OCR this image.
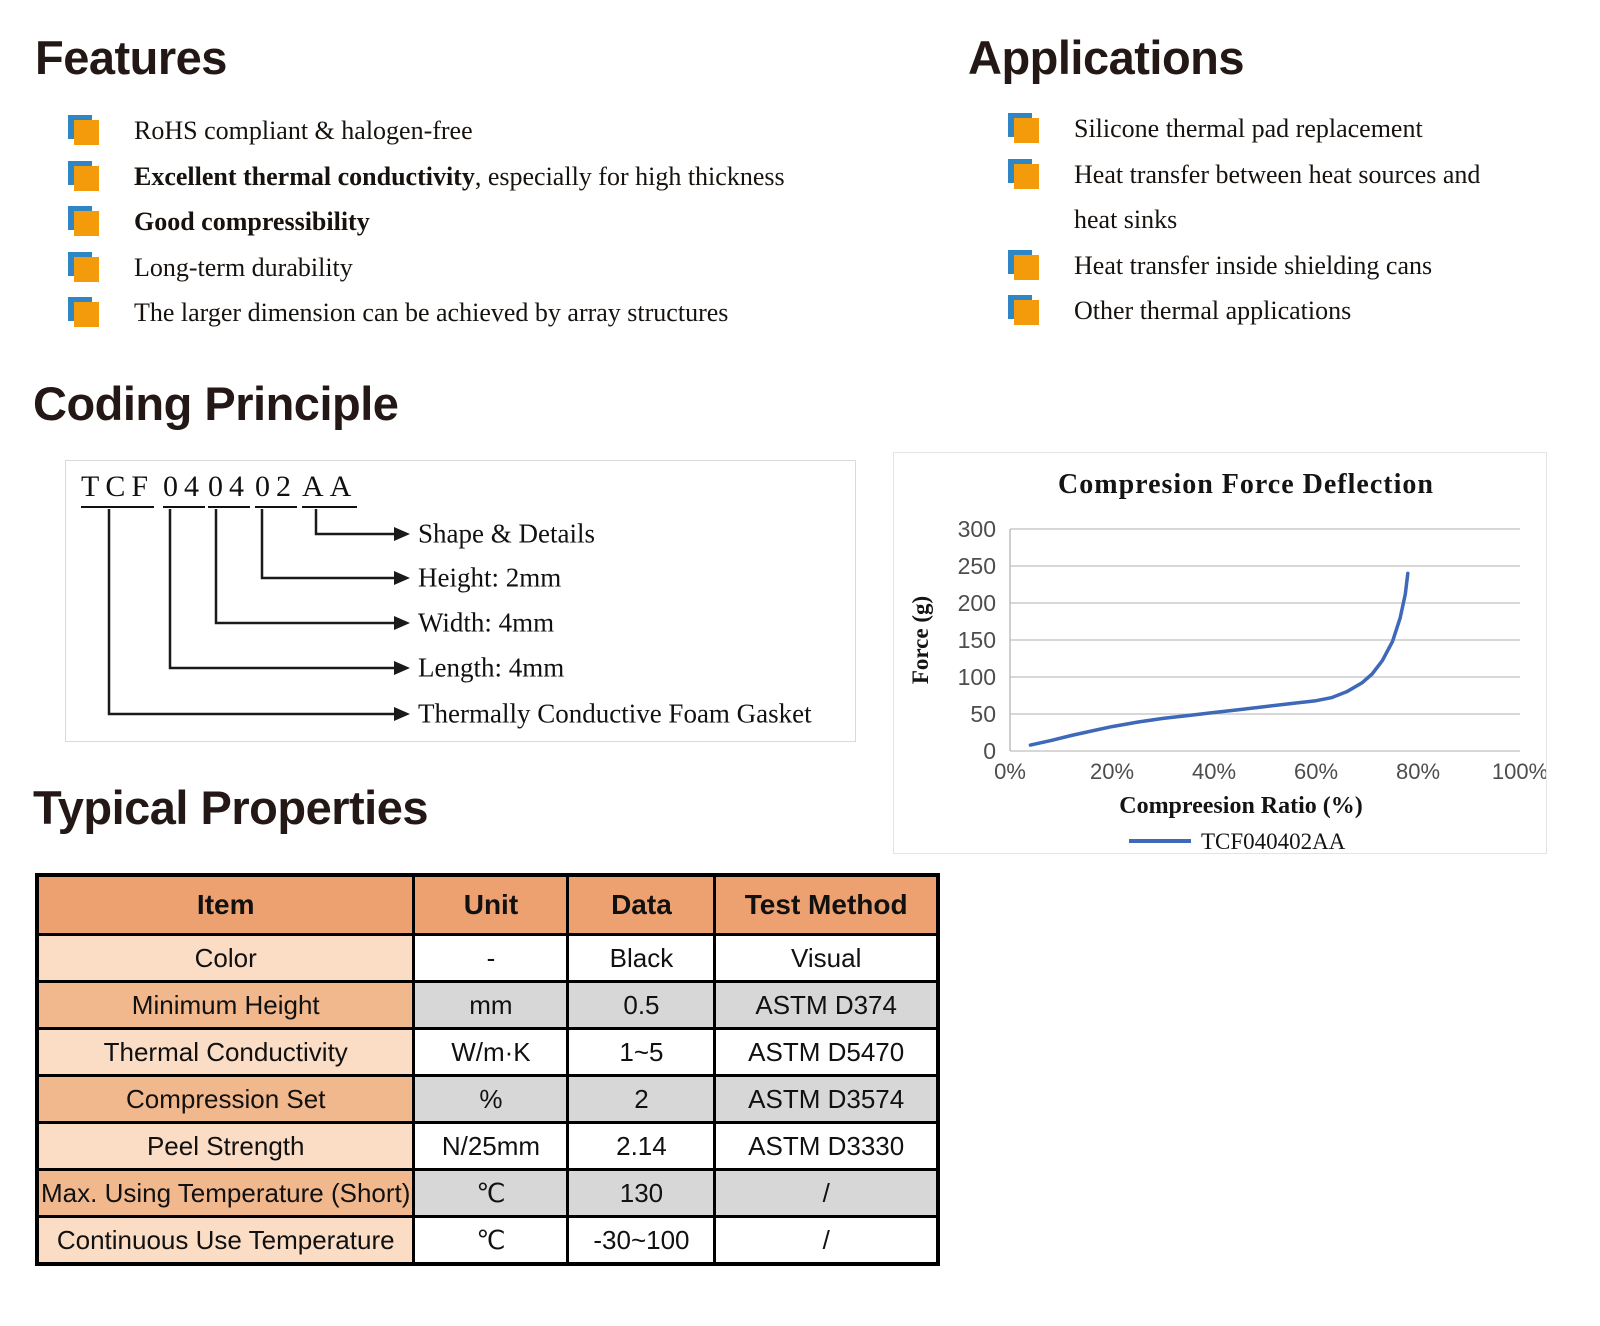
Features
RoHS compliant & halogen-free
Excellent thermal conductivity, especially for high thickness
Good compressibility
Long-term durability
The larger dimension can be achieved by array structures
Applications
Silicone thermal pad replacement
Heat transfer between heat sources and heat sinks
Heat transfer inside shielding cans
Other thermal applications
Coding Principle
TCF 04 04 02 AA
Shape & Details
Height: 2mm
Width: 4mm
Length: 4mm
Thermally Conductive Foam Gasket
Compresion Force Deflection
0
50
100
150
200
250
300
0%	20%	40%	60%	80% 100%
Force (g)
Compreesion Ratio (%)
TCF040402AA
Typical Properties
Item	Unit	Data	Test Method
Color	-	Black	Visual
Minimum Height	mm	0.5	ASTM D374
Thermal Conductivity	W/m·K	1~5	ASTM D5470
Compression Set	%	2	ASTM D3574
Peel Strength	N/25mm	2.14	ASTM D3330
Max. Using Temperature (Short)	℃	130	/
Continuous Use Temperature	℃	-30~100	/
